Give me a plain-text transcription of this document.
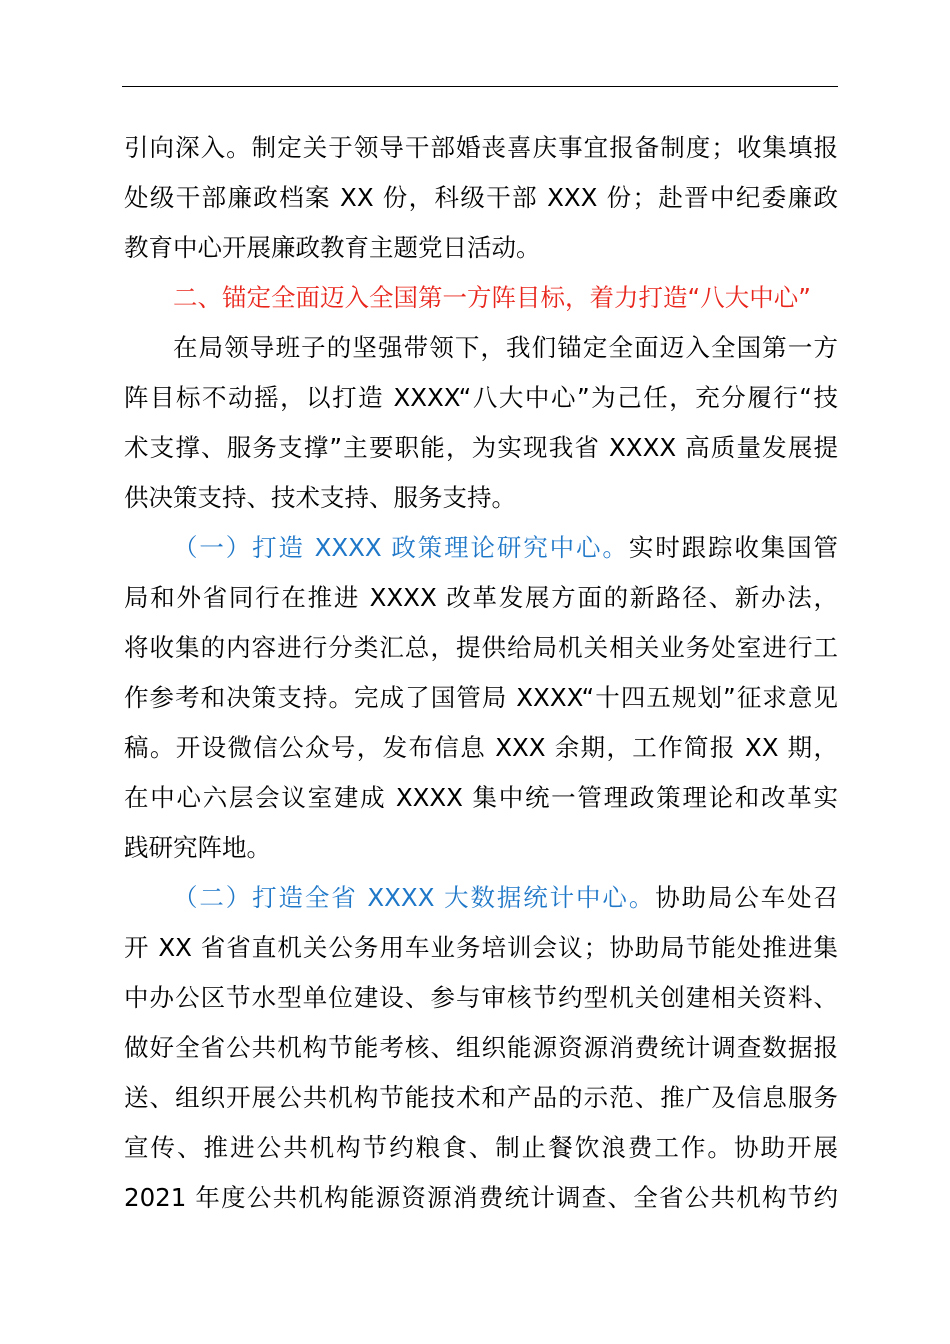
引向深入。制定关于领导干部婚丧喜庆事宜报备制度；收集填报
处级干部廉政档案 XX 份，科级干部 XXX 份；赴晋中纪委廉政
教育中心开展廉政教育主题党日活动。
二、锚定全面迈入全国第一方阵目标，着力打造“八大中心”
在局领导班子的坚强带领下，我们锚定全面迈入全国第一方
阵目标不动摇，以打造 XXXX“八大中心”为己任，充分履行“技
术支撑、服务支撑”主要职能，为实现我省 XXXX 高质量发展提
供决策支持、技术支持、服务支持。
（一）打造 XXXX 政策理论研究中心。实时跟踪收集国管
局和外省同行在推进 XXXX 改革发展方面的新路径、新办法，
将收集的内容进行分类汇总，提供给局机关相关业务处室进行工
作参考和决策支持。完成了国管局 XXXX“十四五规划”征求意见
稿。开设微信公众号，发布信息 XXX 余期，工作简报 XX 期，
在中心六层会议室建成 XXXX 集中统一管理政策理论和改革实
践研究阵地。
（二）打造全省 XXXX 大数据统计中心。协助局公车处召
开 XX 省省直机关公务用车业务培训会议；协助局节能处推进集
中办公区节水型单位建设、参与审核节约型机关创建相关资料、
做好全省公共机构节能考核、组织能源资源消费统计调查数据报
送、组织开展公共机构节能技术和产品的示范、推广及信息服务
宣传、推进公共机构节约粮食、制止餐饮浪费工作。协助开展
2021 年度公共机构能源资源消费统计调查、全省公共机构节约
